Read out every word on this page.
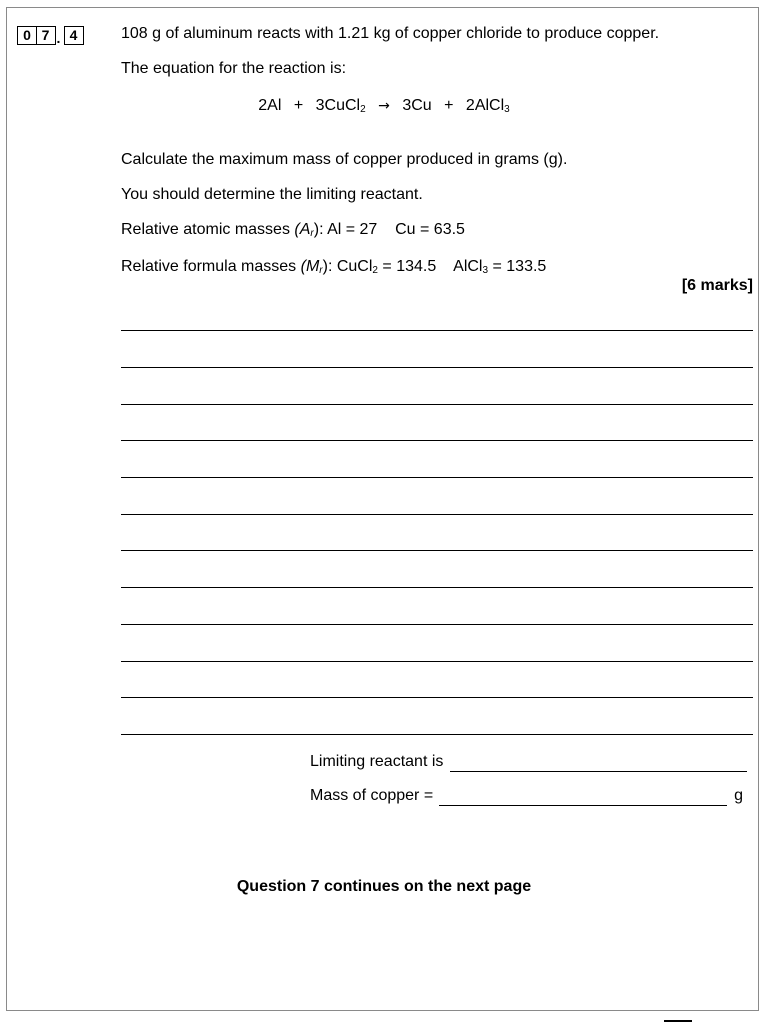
0 7 . 4	108 g of aluminum reacts with 1.21 kg of copper chloride to produce copper.
The equation for the reaction is:
2Al + 3CuCl$_2$ → 3Cu + 2AlCl$_3$
Calculate the maximum mass of copper produced in grams (g).
You should determine the limiting reactant.
Relative atomic masses $(A_r)$: Al = 27    Cu = 63.5
Relative formula masses $(M_r)$: CuCl$_2$ = 134.5    AlCl$_3$ = 133.5
[6 marks]
Limiting reactant is
Mass of copper =	g
Question 7 continues on the next page
